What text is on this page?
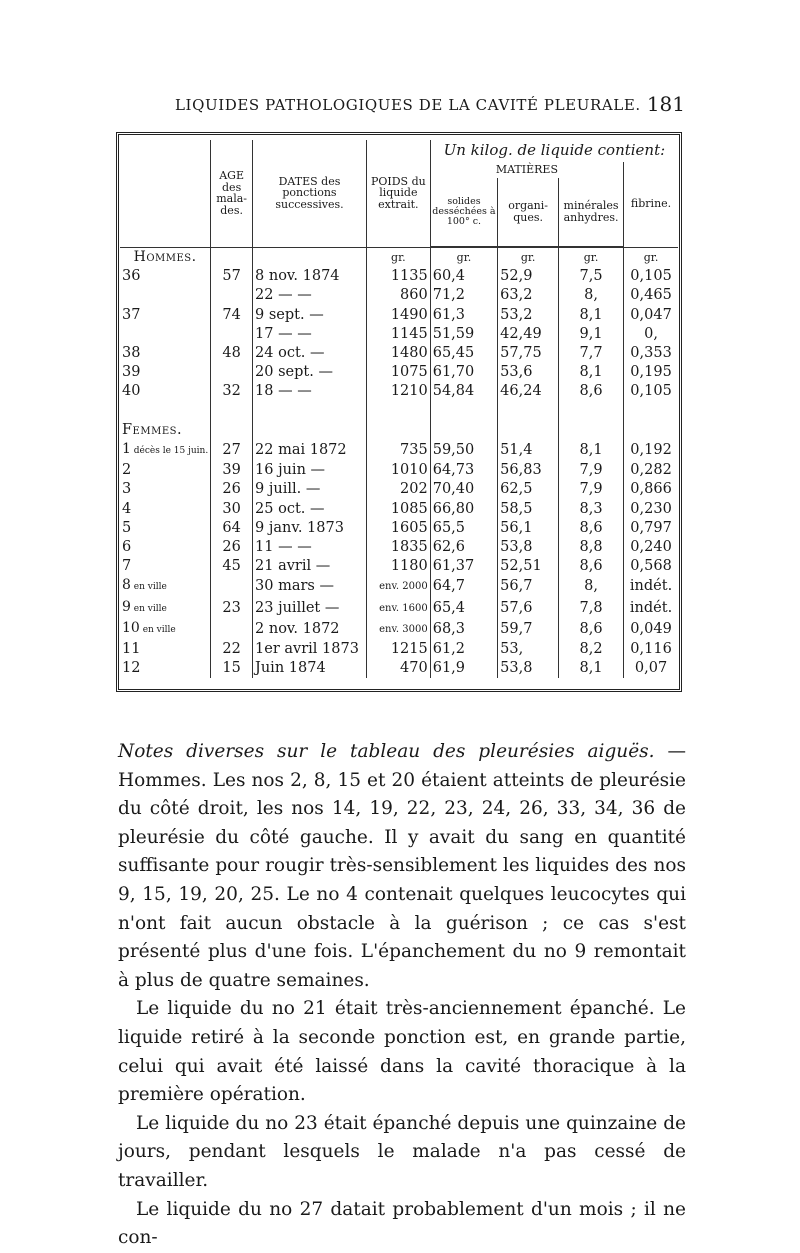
LIQUIDES PATHOLOGIQUES DE LA CAVITÉ PLEURALE. 181
	AGE des mala- des.	DATES des ponctions successives.	POIDS du liquide extrait.	Un kilog. de liquide contient:			
				MATIÈRES			fibrine.
				solides desséchées à 100° c.	organi- ques.	minérales anhydres.	

Hommes.			gr.	gr.	gr.	gr.	gr.
36	57	8 nov. 1874	1135	60,4	52,9	7,5	0,105
		22 — —	860	71,2	63,2	8,	0,465
37	74	9 sept. —	1490	61,3	53,2	8,1	0,047
		17 — —	1145	51,59	42,49	9,1	0,
38	48	24 oct. —	1480	65,45	57,75	7,7	0,353
39		20 sept. —	1075	61,70	53,6	8,1	0,195
40	32	18 — —	1210	54,84	46,24	8,6	0,105

Femmes.							
1 décès le 15 juin.	27	22 mai 1872	735	59,50	51,4	8,1	0,192
2	39	16 juin —	1010	64,73	56,83	7,9	0,282
3	26	9 juill. —	202	70,40	62,5	7,9	0,866
4	30	25 oct. —	1085	66,80	58,5	8,3	0,230
5	64	9 janv. 1873	1605	65,5	56,1	8,6	0,797
6	26	11 — —	1835	62,6	53,8	8,8	0,240
7	45	21 avril —	1180	61,37	52,51	8,6	0,568
8 en ville		30 mars —	env. 2000	64,7	56,7	8,	indét.
9 en ville	23	23 juillet —	env. 1600	65,4	57,6	7,8	indét.
10 en ville		2 nov. 1872	env. 3000	68,3	59,7	8,6	0,049
11	22	1er avril 1873	1215	61,2	53,	8,2	0,116
12	15	Juin 1874	470	61,9	53,8	8,1	0,07

Notes diverses sur le tableau des pleurésies aiguës. — Hommes. Les nos 2, 8, 15 et 20 étaient atteints de pleurésie du côté droit, les nos 14, 19, 22, 23, 24, 26, 33, 34, 36 de pleurésie du côté gauche. Il y avait du sang en quantité suffisante pour rougir très-sensiblement les liquides des nos 9, 15, 19, 20, 25. Le no 4 contenait quelques leucocytes qui n'ont fait aucun obstacle à la guérison ; ce cas s'est présenté plus d'une fois. L'épanchement du no 9 remontait à plus de quatre semaines.

Le liquide du no 21 était très-anciennement épanché. Le liquide retiré à la seconde ponction est, en grande partie, celui qui avait été laissé dans la cavité thoracique à la première opération.

Le liquide du no 23 était épanché depuis une quinzaine de jours, pendant lesquels le malade n'a pas cessé de travailler.

Le liquide du no 27 datait probablement d'un mois ; il ne con-
